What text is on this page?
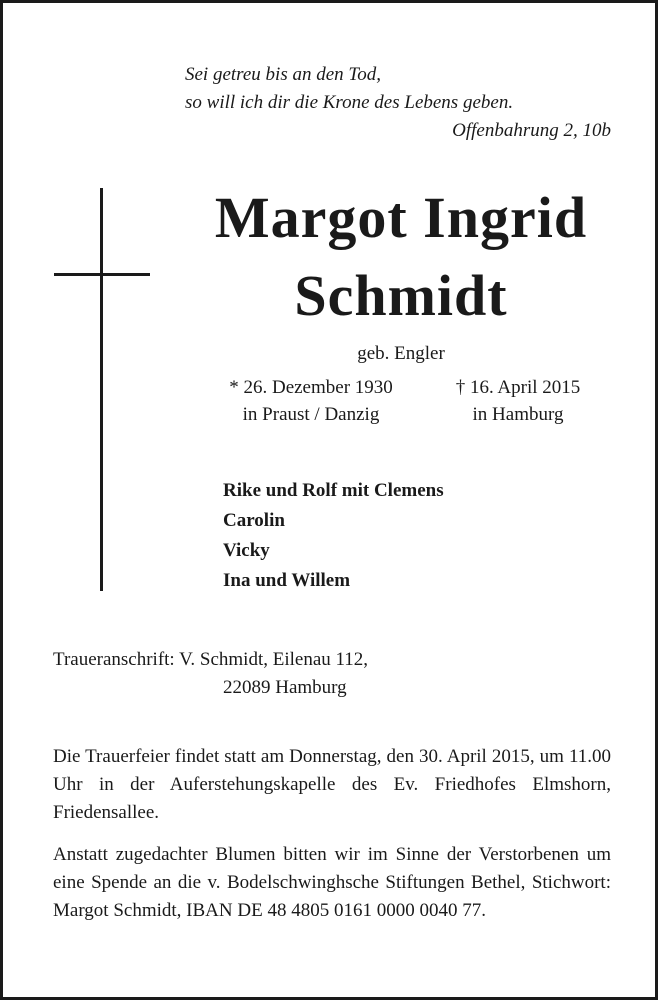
Sei getreu bis an den Tod,
so will ich dir die Krone des Lebens geben.
Offenbahrung 2, 10b
Margot Ingrid
Schmidt
geb. Engler
* 26. Dezember 1930
in Praust / Danzig
† 16. April 2015
in Hamburg
Rike und Rolf mit Clemens
Carolin
Vicky
Ina und Willem
Traueranschrift: V. Schmidt, Eilenau 112,
22089 Hamburg
Die Trauerfeier findet statt am Donnerstag, den 30. April 2015, um 11.00 Uhr in der Auferstehungskapelle des Ev. Friedhofes Elmshorn, Friedensallee.
Anstatt zugedachter Blumen bitten wir im Sinne der Verstorbenen um eine Spende an die v. Bodelschwinghsche Stiftungen Bethel, Stichwort: Margot Schmidt, IBAN DE 48 4805 0161 0000 0040 77.
